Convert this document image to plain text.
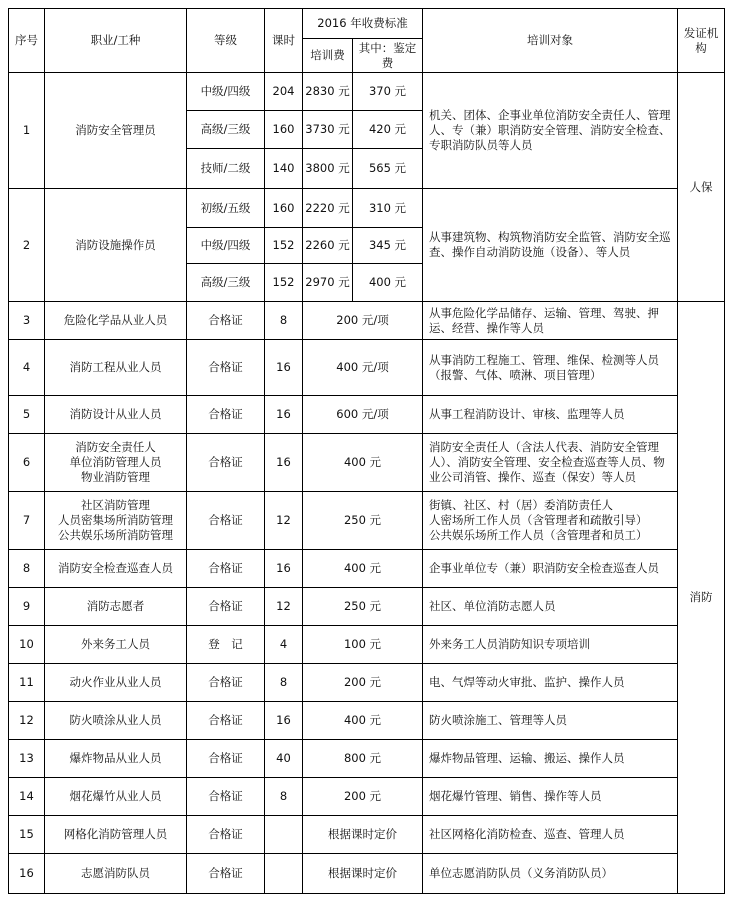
序号	职业/工种	等级	课时	2016 年收费标准		培训对象	发证机构
				培训费	其中：鉴定费		
1	消防安全管理员	中级/四级	204	2830 元	370 元	机关、团体、企事业单位消防安全责任人、管理人、专（兼）职消防安全管理、消防安全检查、专职消防队员等人员	人保
		高级/三级	160	3730 元	420 元		
		技师/二级	140	3800 元	565 元		
2	消防设施操作员	初级/五级	160	2220 元	310 元	从事建筑物、构筑物消防安全监管、消防安全巡查、操作自动消防设施（设备）、等人员	
		中级/四级	152	2260 元	345 元		
		高级/三级	152	2970 元	400 元		
3	危险化学品从业人员	合格证	8	200 元/项		从事危险化学品储存、运输、管理、驾驶、押运、经营、操作等人员	消防
4	消防工程从业人员	合格证	16	400 元/项		从事消防工程施工、管理、维保、检测等人员
（报警、气体、喷淋、项目管理）	

5	消防设计从业人员	合格证	16	600 元/项		从事工程消防设计、审核、监理等人员	

6	消防安全责任人
单位消防管理人员
物业消防管理	合格证	16	400 元		消防安全责任人（含法人代表、消防安全管理人）、消防安全管理、安全检查巡查等人员、物业公司消管、操作、巡查（保安）等人员	

7	社区消防管理
人员密集场所消防管理
公共娱乐场所消防管理	合格证	12	250 元		街镇、社区、村（居）委消防责任人
人密场所工作人员（含管理者和疏散引导）
公共娱乐场所工作人员（含管理者和员工）	

8	消防安全检查巡查人员	合格证	16	400 元		企事业单位专（兼）职消防安全检查巡查人员	

9	消防志愿者	合格证	12	250 元		社区、单位消防志愿人员	

10	外来务工人员	登　记	4	100 元		外来务工人员消防知识专项培训	

11	动火作业从业人员	合格证	8	200 元		电、气焊等动火审批、监护、操作人员	

12	防火喷涂从业人员	合格证	16	400 元		防火喷涂施工、管理等人员	

13	爆炸物品从业人员	合格证	40	800 元		爆炸物品管理、运输、搬运、操作人员	

14	烟花爆竹从业人员	合格证	8	200 元		烟花爆竹管理、销售、操作等人员	

15	网格化消防管理人员	合格证		根据课时定价		社区网格化消防检查、巡查、管理人员	

16	志愿消防队员	合格证		根据课时定价		单位志愿消防队员（义务消防队员）	
